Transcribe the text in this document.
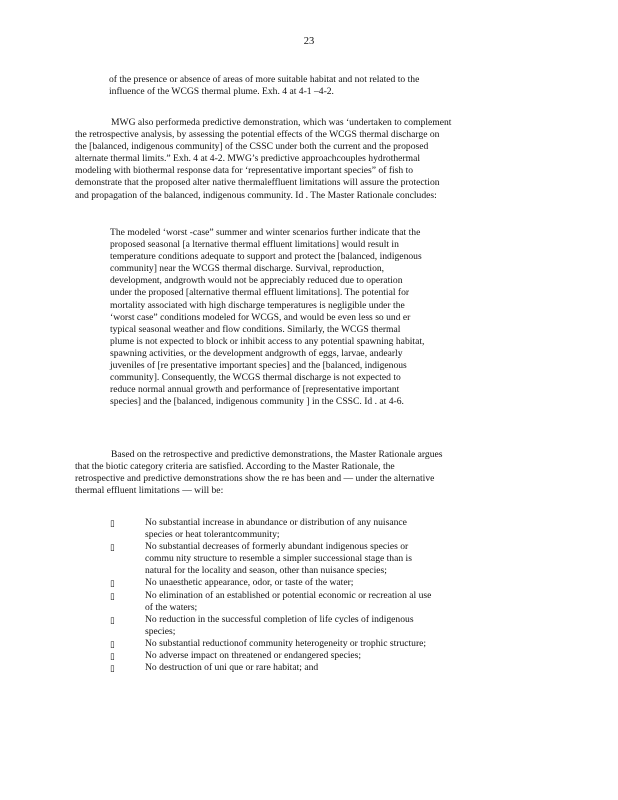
23
of the presence or absence of areas of more suitable habitat and not related to the
influence of the WCGS thermal plume. Exh. 4 at 4-1 –4-2.
MWG also performeda predictive demonstration, which was ‘undertaken to complement
the retrospective analysis, by assessing the potential effects of the WCGS thermal discharge on
the [balanced, indigenous community] of the CSSC under both the current and the proposed
alternate thermal limits.” Exh. 4 at 4-2. MWG’s predictive approachcouples hydrothermal
modeling with biothermal response data for ‘representative important species” of fish to
demonstrate that the proposed alter native thermaleffluent limitations will assure the protection
and propagation of the balanced, indigenous community. Id . The Master Rationale concludes:
The modeled ‘worst -case” summer and winter scenarios further indicate that the
proposed seasonal [a lternative thermal effluent limitations] would result in
temperature conditions adequate to support and protect the [balanced, indigenous
community] near the WCGS thermal discharge. Survival, reproduction,
development, andgrowth would not be appreciably reduced due to operation
under the proposed [alternative thermal effluent limitations]. The potential for
mortality associated with high discharge temperatures is negligible under the
‘worst case” conditions modeled for WCGS, and would be even less so und er
typical seasonal weather and flow conditions. Similarly, the WCGS thermal
plume is not expected to block or inhibit access to any potential spawning habitat,
spawning activities, or the development andgrowth of eggs, larvae, andearly
juveniles of [re presentative important species] and the [balanced, indigenous
community]. Consequently, the WCGS thermal discharge is not expected to
reduce normal annual growth and performance of [representative important
species] and the [balanced, indigenous community ] in the CSSC. Id . at 4-6.
Based on the retrospective and predictive demonstrations, the Master Rationale argues
that the biotic category criteria are satisfied. According to the Master Rationale, the
retrospective and predictive demonstrations show the re has been and — under the alternative
thermal effluent limitations — will be:
▯	No substantial increase in abundance or distribution of any nuisance
species or heat tolerantcommunity;
▯	No substantial decreases of formerly abundant indigenous species or
commu nity structure to resemble a simpler successional stage than is
natural for the locality and season, other than nuisance species;
▯	No unaesthetic appearance, odor, or taste of the water;
▯	No elimination of an established or potential economic or recreation al use
of the waters;
▯	No reduction in the successful completion of life cycles of indigenous
species;
▯	No substantial reductionof community heterogeneity or trophic structure;
▯	No adverse impact on threatened or endangered species;
▯	No destruction of uni que or rare habitat; and
